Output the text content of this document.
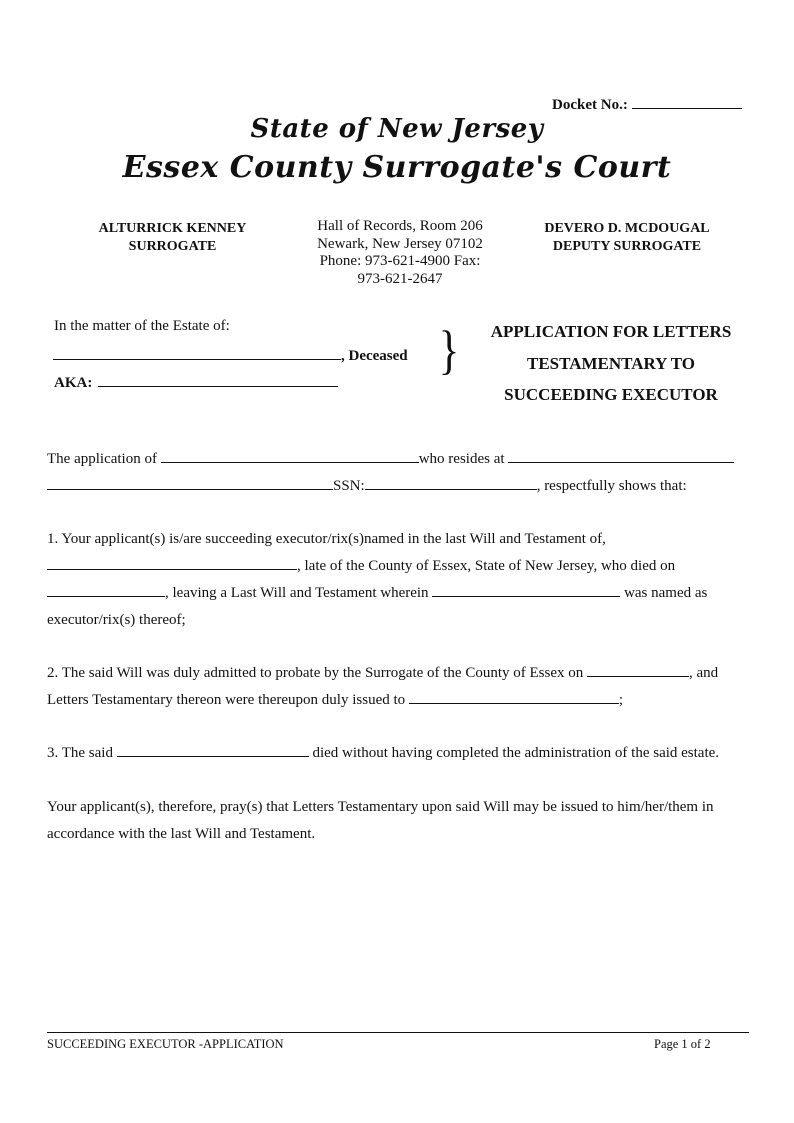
Docket No.:
State of New Jersey
Essex County Surrogate's Court
ALTURRICK KENNEY
SURROGATE
Hall of Records, Room 206
Newark, New Jersey 07102
Phone: 973-621-4900 Fax:
973-621-2647
DEVERO D. MCDOUGAL
DEPUTY SURROGATE
In the matter of the Estate of:
, Deceased
AKA:
}	APPLICATION FOR LETTERS
TESTAMENTARY TO
SUCCEEDING EXECUTOR
The application of	who resides at
SSN:	, respectfully shows that:
1. Your applicant(s) is/are succeeding executor/rix(s)named in the last Will and Testament of,
, late of the County of Essex, State of New Jersey, who died on
, leaving a Last Will and Testament wherein	was named as
executor/rix(s) thereof;
2. The said Will was duly admitted to probate by the Surrogate of the County of Essex on	, and
Letters Testamentary thereon were thereupon duly issued to	;
3. The said	died without having completed the administration of the said estate.
Your applicant(s), therefore, pray(s) that Letters Testamentary upon said Will may be issued to him/her/them in
accordance with the last Will and Testament.
SUCCEEDING EXECUTOR -APPLICATION	Page 1 of 2
